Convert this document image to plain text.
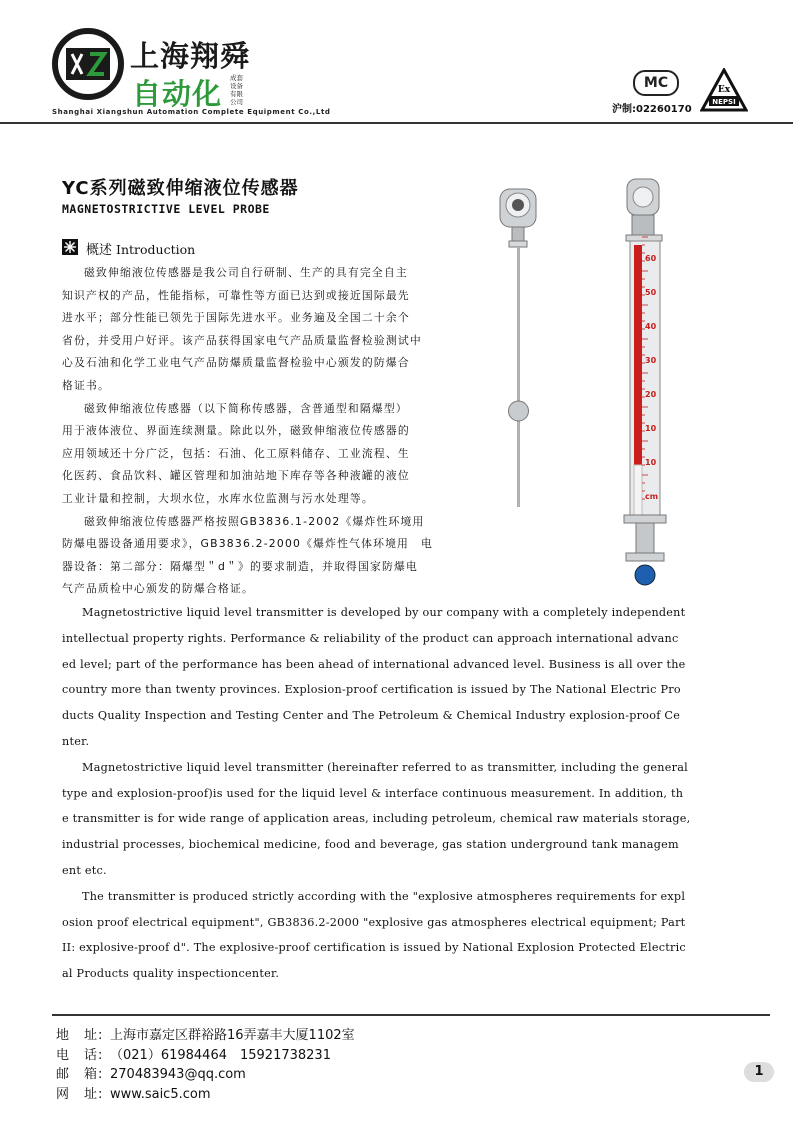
上海翔舜
自动化 成套
设备
有限
公司
Shanghai Xiangshun Automation Complete Equipment Co.,Ltd
MC
沪制:02260170
Ex
NEPSI
YC系列磁致伸缩液位传感器
MAGNETOSTRICTIVE LEVEL PROBE
概述 Introduction

磁致伸缩液位传感器是我公司自行研制、生产的具有完全自主
知识产权的产品，性能指标，可靠性等方面已达到或接近国际最先
进水平；部分性能已领先于国际先进水平。业务遍及全国二十余个
省份，并受用户好评。该产品获得国家电气产品质量监督检验测试中
心及石油和化学工业电气产品防爆质量监督检验中心颁发的防爆合
格证书。

磁致伸缩液位传感器（以下简称传感器，含普通型和隔爆型）
用于液体液位、界面连续测量。除此以外，磁致伸缩液位传感器的
应用领域还十分广泛，包括：石油、化工原料储存、工业流程、生
化医药、食品饮料、罐区管理和加油站地下库存等各种液罐的液位
工业计量和控制，大坝水位，水库水位监测与污水处理等。

磁致伸缩液位传感器严格按照GB3836.1-2002《爆炸性环境用
防爆电器设备通用要求》，GB3836.2-2000《爆炸性气体环境用　电
器设备：第二部分：隔爆型＂d＂》的要求制造，并取得国家防爆电
气产品质检中心颁发的防爆合格证。

60
50
40
30
20
10
10
cm

Magnetostrictive liquid level transmitter is developed by our company with a completely independent
intellectual property rights. Performance & reliability of the product can approach international advanc
ed level; part of the performance has been ahead of international advanced level. Business is all over the
country more than twenty provinces. Explosion-proof certification is issued by The National Electric Pro
ducts Quality Inspection and Testing Center and The Petroleum & Chemical Industry explosion-proof Ce
nter.

Magnetostrictive liquid level transmitter (hereinafter referred to as transmitter, including the general
type and explosion-proof)is used for the liquid level & interface continuous measurement. In addition, th
e transmitter is for wide range of application areas, including petroleum, chemical raw materials storage,
industrial processes, biochemical medicine, food and beverage, gas station underground tank managem
ent etc.

The transmitter is produced strictly according with the "explosive atmospheres requirements for expl
osion proof electrical equipment", GB3836.2-2000 "explosive gas atmospheres electrical equipment; Part
II: explosive-proof d". The explosive-proof certification is issued by National Explosion Protected Electric
al Products quality inspectioncenter.

地　址: 上海市嘉定区群裕路16弄嘉丰大厦1102室
电　话: （021）61984464　15921738231
邮　箱: 270483943@qq.com
网　址: www.saic5.com
1
